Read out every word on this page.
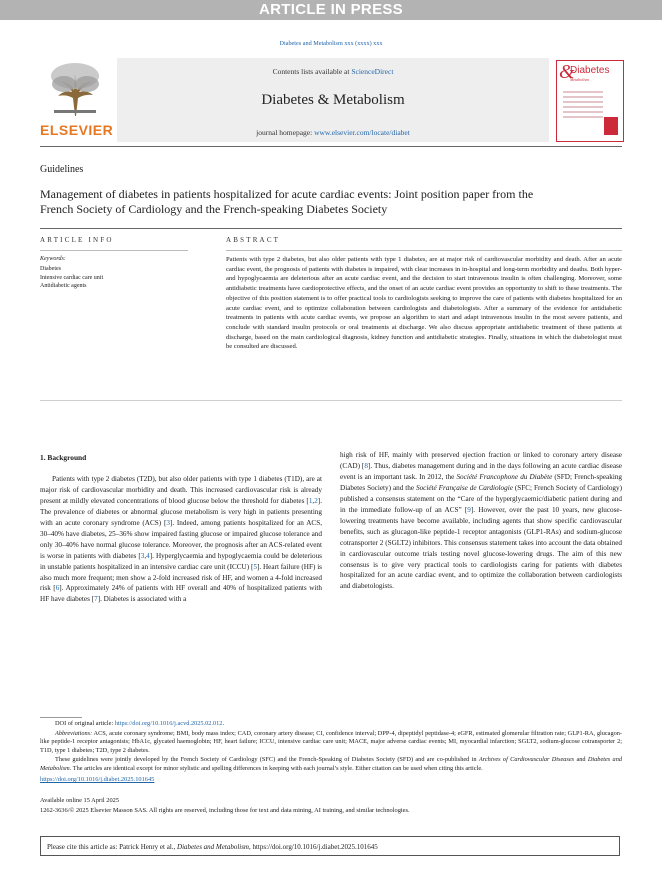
ARTICLE IN PRESS
Diabetes and Metabolism xxx (xxxx) xxx
ELSEVIER
Contents lists available at ScienceDirect
Diabetes & Metabolism
journal homepage: www.elsevier.com/locate/diabet
&
Diabetes
Metabolism
Guidelines
Management of diabetes in patients hospitalized for acute cardiac events: Joint position paper from the French Society of Cardiology and the French-speaking Diabetes Society
ARTICLE INFO
Keywords:
Diabetes
Intensive cardiac care unit
Antidiabetic agents
ABSTRACT
Patients with type 2 diabetes, but also older patients with type 1 diabetes, are at major risk of cardiovascular morbidity and death. After an acute cardiac event, the prognosis of patients with diabetes is impaired, with clear increases in in-hospital and long-term morbidity and deaths. Both hyper- and hypoglycaemia are deleterious after an acute cardiac event, and the decision to start intravenous insulin is often challenging. Moreover, some antidiabetic treatments have cardioprotective effects, and the onset of an acute cardiac event provides an opportunity to shift to these treatments. The objective of this position statement is to offer practical tools to cardiologists seeking to improve the care of patients with diabetes hospitalized for an acute cardiac event, and to optimize collaboration between cardiologists and diabetologists. After a summary of the evidence for antidiabetic treatments in patients with acute cardiac events, we propose an algorithm to start and adapt intravenous insulin in the most severe patients, and conclude with standard insulin protocols or oral treatments at discharge. We also discuss appropriate antidiabetic treatment of these patients at discharge, based on the main cardiological diagnosis, kidney function and antidiabetic strategies. Finally, situations in which the diabetologist must be consulted are discussed.
1. Background

Patients with type 2 diabetes (T2D), but also older patients with type 1 diabetes (T1D), are at major risk of cardiovascular morbidity and death. This increased cardiovascular risk is already present at mildly elevated concentrations of blood glucose below the threshold for diabetes [1,2]. The prevalence of diabetes or abnormal glucose metabolism is very high in patients presenting with an acute coronary syndrome (ACS) [3]. Indeed, among patients hospitalized for an ACS, 30–40% have diabetes, 25–36% show impaired fasting glucose or impaired glucose tolerance and only 30–40% have normal glucose tolerance. Moreover, the prognosis after an ACS-related event is worse in patients with diabetes [3,4]. Hyperglycaemia and hypoglycaemia could be deleterious in unstable patients hospitalized in an intensive cardiac care unit (ICCU) [5]. Heart failure (HF) is also much more frequent; men show a 2-fold increased risk of HF, and women a 4-fold increased risk [6]. Approximately 24% of patients with HF overall and 40% of hospitalized patients with HF have diabetes [7]. Diabetes is associated with a

high risk of HF, mainly with preserved ejection fraction or linked to coronary artery disease (CAD) [8]. Thus, diabetes management during and in the days following an acute cardiac disease event is an important task. In 2012, the Société Francophone du Diabète (SFD; French-speaking Diabetes Society) and the Société Française de Cardiologie (SFC; French Society of Cardiology) published a consensus statement on the “Care of the hyperglycaemic/diabetic patient during and in the immediate follow-up of an ACS” [9]. However, over the past 10 years, new glucose-lowering treatments have become available, including agents that show specific cardiovascular benefits, such as glucagon-like peptide-1 receptor antagonists (GLP1-RAs) and sodium-glucose cotransporter 2 (SGLT2) inhibitors. This consensus statement takes into account the data obtained in cardiovascular outcome trials testing novel glucose-lowering drugs. The aim of this new consensus is to give very practical tools to cardiologists caring for patients with diabetes hospitalized for an acute cardiac event, and to optimize the collaboration between cardiologists and diabetologists.

DOI of original article: https://doi.org/10.1016/j.acvd.2025.02.012.

Abbreviations: ACS, acute coronary syndrome; BMI, body mass index; CAD, coronary artery disease; CI, confidence interval; DPP-4, dipeptidyl peptidase-4; eGFR, estimated glomerular filtration rate; GLP1-RA, glucagon-like peptide-1 receptor antagonists; HbA1c, glycated haemoglobin; HF, heart failure; ICCU, intensive cardiac care unit; MACE, major adverse cardiac events; MI, myocardial infarction; SGLT2, sodium-glucose cotransporter 2; T1D, type 1 diabetes; T2D, type 2 diabetes.

These guidelines were jointly developed by the French Society of Cardiology (SFC) and the French-Speaking of Diabetes Society (SFD) and are co-published in Archives of Cardiovascular Diseases and Diabetes and Metabolism. The articles are identical except for minor stylistic and spelling differences in keeping with each journal’s style. Either citation can be used when citing this article.

https://doi.org/10.1016/j.diabet.2025.101645
Available online 15 April 2025
1262-3636/© 2025 Elsevier Masson SAS. All rights are reserved, including those for text and data mining, AI training, and similar technologies.
Please cite this article as: Patrick Henry et al., Diabetes and Metabolism, https://doi.org/10.1016/j.diabet.2025.101645
